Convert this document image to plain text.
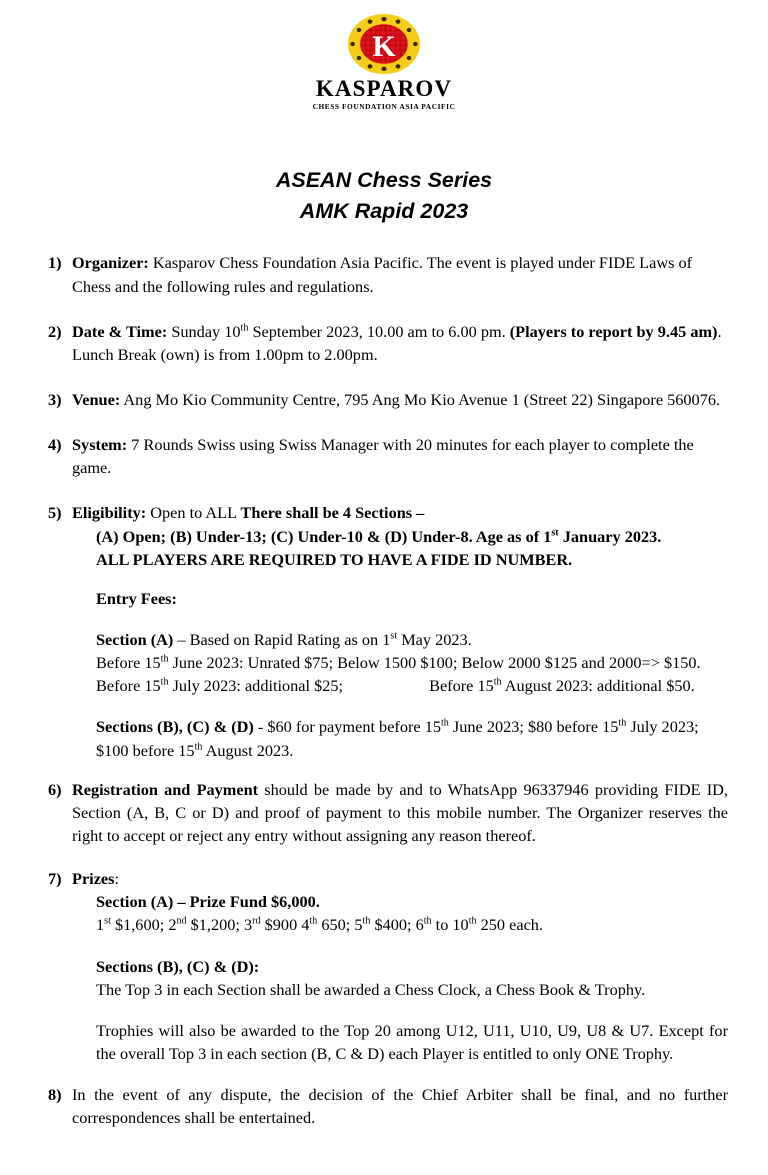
K
KASPAROV
CHESS FOUNDATION ASIA PACIFIC
ASEAN Chess Series
AMK Rapid 2023
1) Organizer: Kasparov Chess Foundation Asia Pacific. The event is played under FIDE Laws of Chess and the following rules and regulations.

2) Date & Time: Sunday 10th September 2023, 10.00 am to 6.00 pm. (Players to report by 9.45 am).

Lunch Break (own) is from 1.00pm to 2.00pm.

3) Venue: Ang Mo Kio Community Centre, 795 Ang Mo Kio Avenue 1 (Street 22) Singapore 560076.

4) System: 7 Rounds Swiss using Swiss Manager with 20 minutes for each player to complete the game.

5) Eligibility: Open to ALL There shall be 4 Sections –

(A) Open; (B) Under-13; (C) Under-10 & (D) Under-8. Age as of 1st January 2023.

ALL PLAYERS ARE REQUIRED TO HAVE A FIDE ID NUMBER.

Entry Fees:

Section (A) – Based on Rapid Rating as on 1st May 2023.

Before 15th June 2023: Unrated $75; Below 1500 $100; Below 2000 $125 and 2000=> $150.

Before 15th July 2023: additional $25;	Before 15th August 2023: additional $50.

Sections (B), (C) & (D) - $60 for payment before 15th June 2023; $80 before 15th July 2023; $100 before 15th August 2023.

6) Registration and Payment should be made by and to WhatsApp 96337946 providing FIDE ID, Section (A, B, C or D) and proof of payment to this mobile number. The Organizer reserves the right to accept or reject any entry without assigning any reason thereof.

7) Prizes:

Section (A) – Prize Fund $6,000.

1st $1,600; 2nd $1,200; 3rd $900 4th 650; 5th $400; 6th to 10th 250 each.

Sections (B), (C) & (D):

The Top 3 in each Section shall be awarded a Chess Clock, a Chess Book & Trophy.

Trophies will also be awarded to the Top 20 among U12, U11, U10, U9, U8 & U7. Except for the overall Top 3 in each section (B, C & D) each Player is entitled to only ONE Trophy.

8) In the event of any dispute, the decision of the Chief Arbiter shall be final, and no further correspondences shall be entertained.
